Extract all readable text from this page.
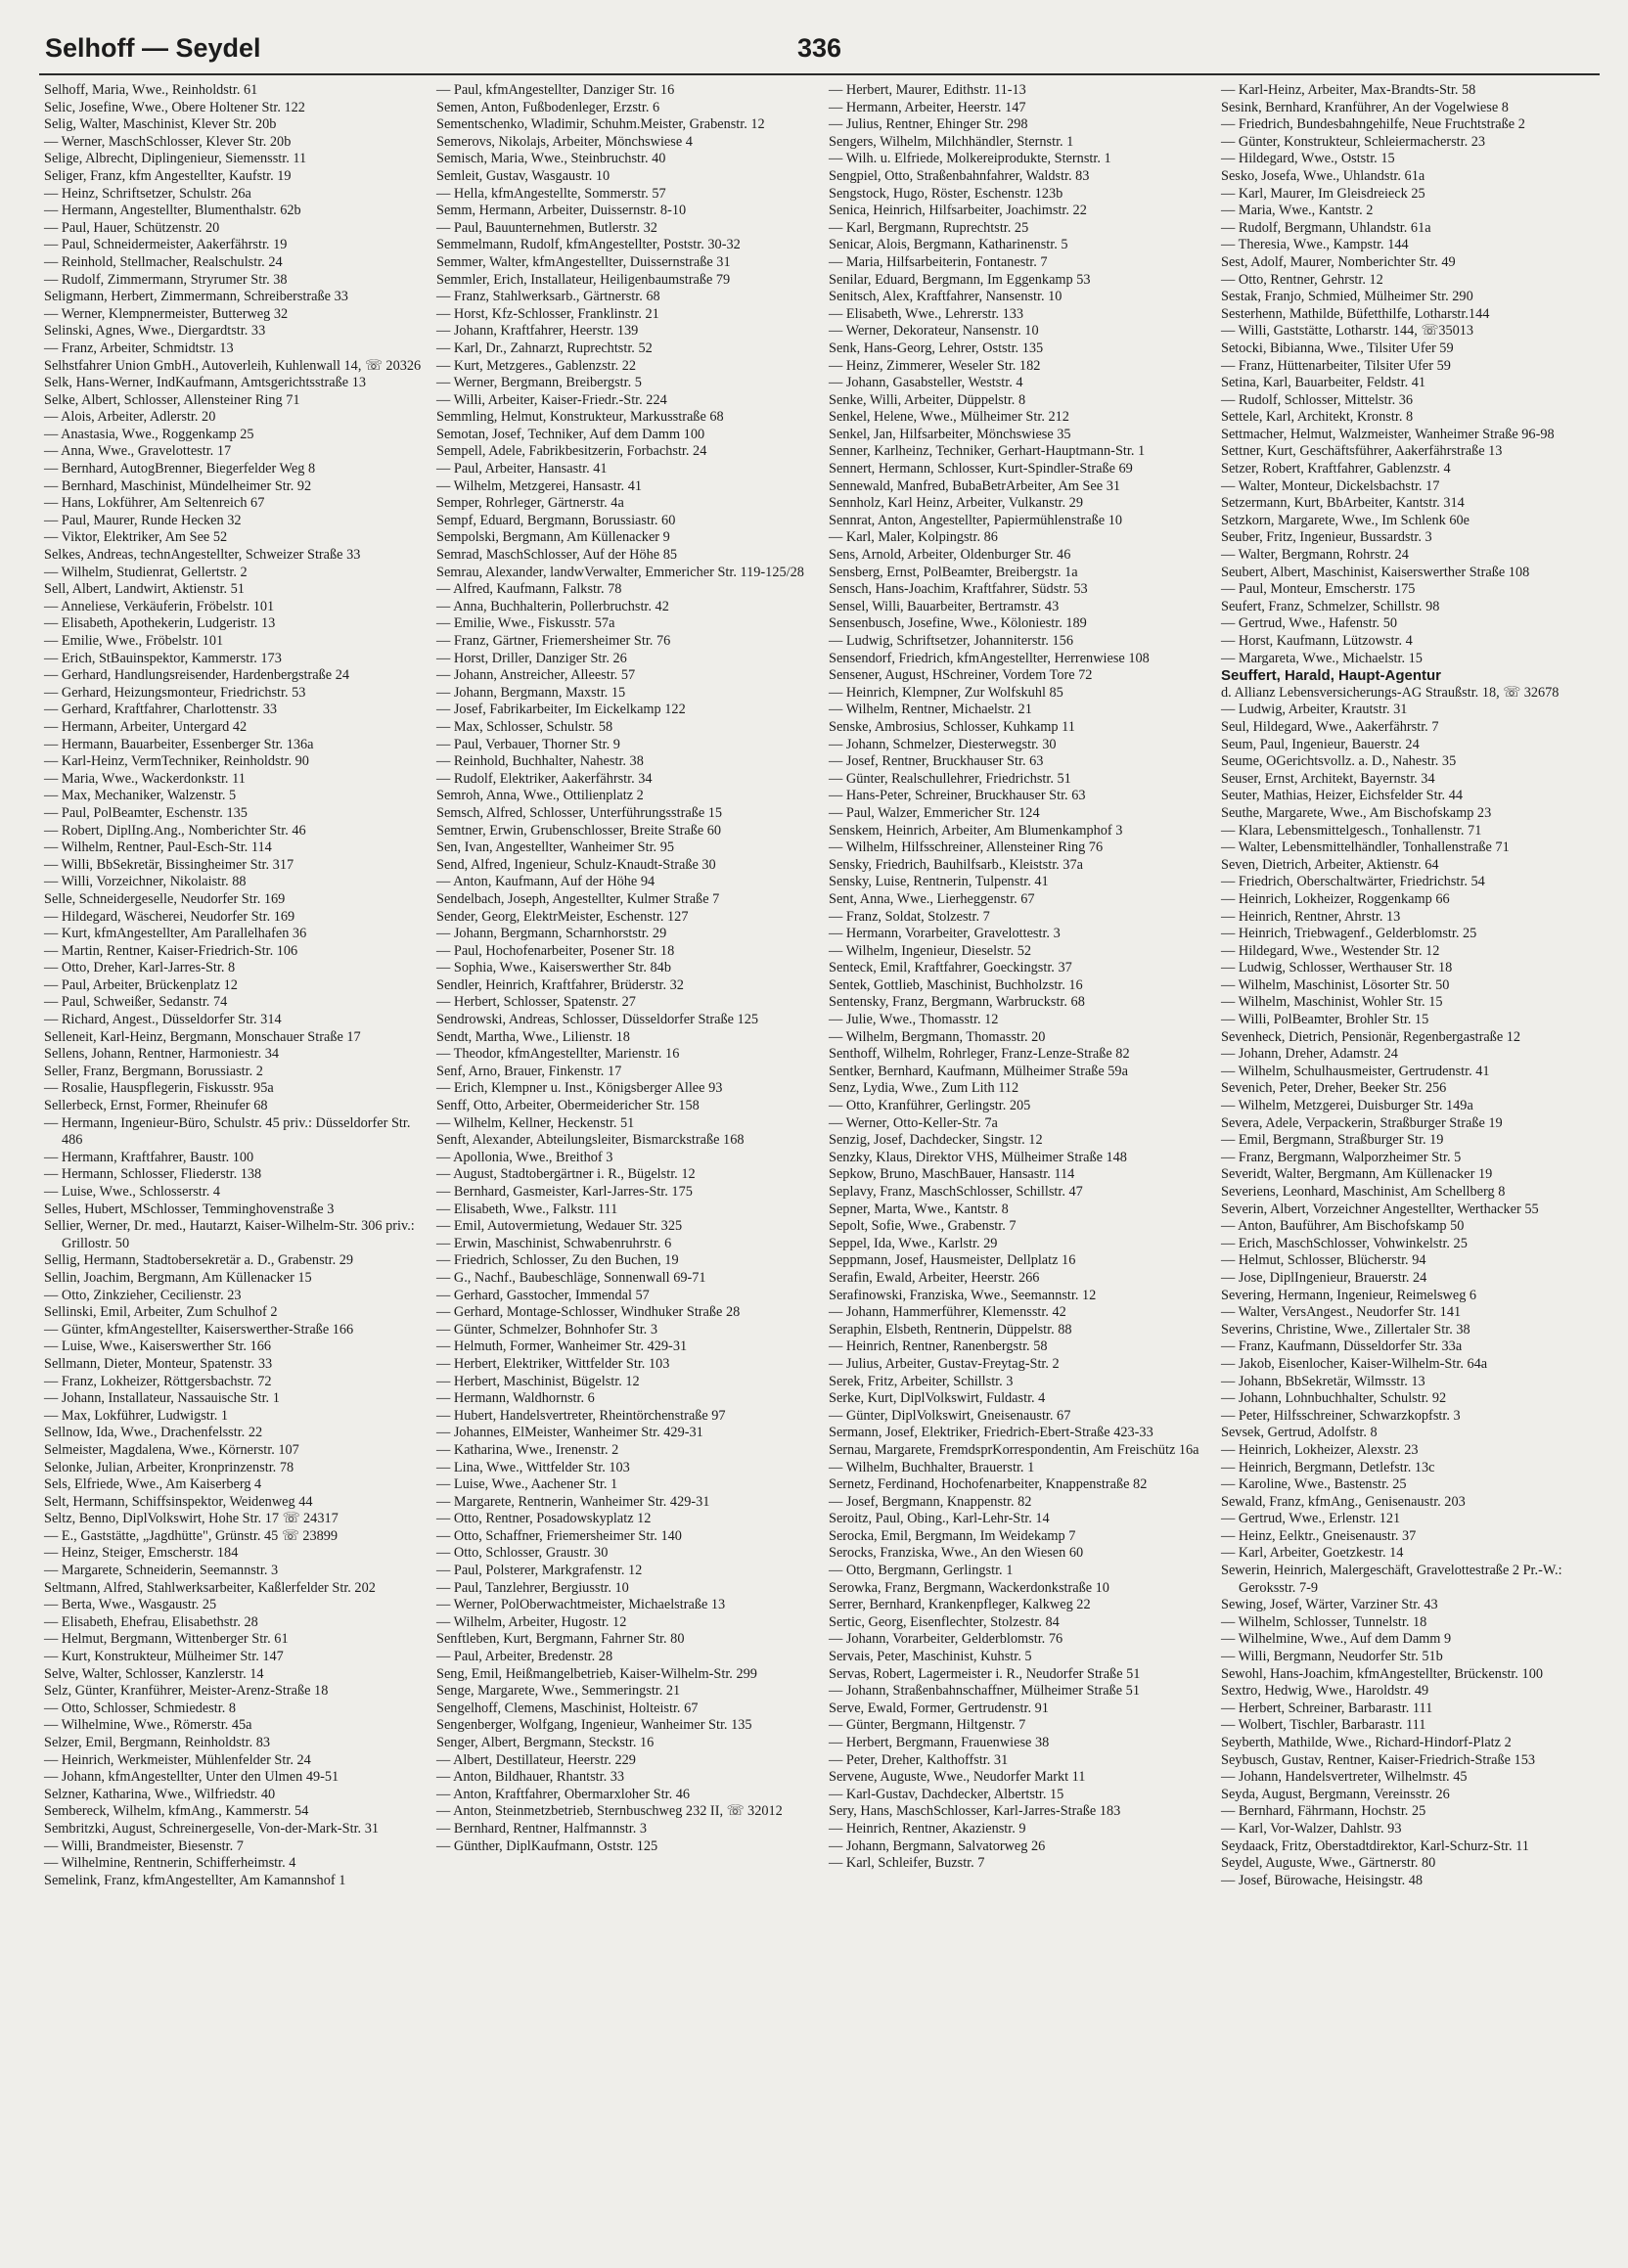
Selhoff — Seydel	336
Selhoff, Maria, Wwe., Reinholdstr. 61
Selic, Josefine, Wwe., Obere Holtener Str. 122
Selig, Walter, Maschinist, Klever Str. 20b
— Werner, MaschSchlosser, Klever Str. 20b
Selige, Albrecht, Diplingenieur, Siemensstr. 11
Seliger, Franz, kfm Angestellter, Kaufstr. 19
— Heinz, Schriftsetzer, Schulstr. 26a
— Hermann, Angestellter, Blumenthalstr. 62b
— Paul, Hauer, Schützenstr. 20
— Paul, Schneidermeister, Aakerfährstr. 19
— Reinhold, Stellmacher, Realschulstr. 24
— Rudolf, Zimmermann, Stryrumer Str. 38
Seligmann, Herbert, Zimmermann, Schreiberstraße 33
— Werner, Klempnermeister, Butterweg 32
Selinski, Agnes, Wwe., Diergardtstr. 33
— Franz, Arbeiter, Schmidtstr. 13
Selhstfahrer Union GmbH., Autoverleih, Kuhlenwall 14, ☏ 20326
Selk, Hans-Werner, IndKaufmann, Amtsgerichtsstraße 13
Selke, Albert, Schlosser, Allensteiner Ring 71
— Alois, Arbeiter, Adlerstr. 20
— Anastasia, Wwe., Roggenkamp 25
— Anna, Wwe., Gravelottestr. 17
— Bernhard, AutogBrenner, Biegerfelder Weg 8
— Bernhard, Maschinist, Mündelheimer Str. 92
— Hans, Lokführer, Am Seltenreich 67
— Paul, Maurer, Runde Hecken 32
— Viktor, Elektriker, Am See 52
Selkes, Andreas, technAngestellter, Schweizer Straße 33
— Wilhelm, Studienrat, Gellertstr. 2
Sell, Albert, Landwirt, Aktienstr. 51
— Anneliese, Verkäuferin, Fröbelstr. 101
— Elisabeth, Apothekerin, Ludgeristr. 13
— Emilie, Wwe., Fröbelstr. 101
— Erich, StBauinspektor, Kammerstr. 173
— Gerhard, Handlungsreisender, Hardenbergstraße 24
— Gerhard, Heizungsmonteur, Friedrichstr. 53
— Gerhard, Kraftfahrer, Charlottenstr. 33
— Hermann, Arbeiter, Untergard 42
— Hermann, Bauarbeiter, Essenberger Str. 136a
— Karl-Heinz, VermTechniker, Reinholdstr. 90
— Maria, Wwe., Wackerdonkstr. 11
— Max, Mechaniker, Walzenstr. 5
— Paul, PolBeamter, Eschenstr. 135
— Robert, DiplIng.Ang., Nomberichter Str. 46
— Wilhelm, Rentner, Paul-Esch-Str. 114
— Willi, BbSekretär, Bissingheimer Str. 317
— Willi, Vorzeichner, Nikolaistr. 88
Selle, Schneidergeselle, Neudorfer Str. 169
— Hildegard, Wäscherei, Neudorfer Str. 169
— Kurt, kfmAngestellter, Am Parallelhafen 36
— Martin, Rentner, Kaiser-Friedrich-Str. 106
— Otto, Dreher, Karl-Jarres-Str. 8
— Paul, Arbeiter, Brückenplatz 12
— Paul, Schweißer, Sedanstr. 74
— Richard, Angest., Düsseldorfer Str. 314
Selleneit, Karl-Heinz, Bergmann, Monschauer Straße 17
Sellens, Johann, Rentner, Harmoniestr. 34
Seller, Franz, Bergmann, Borussiastr. 2
— Rosalie, Hauspflegerin, Fiskusstr. 95a
Sellerbeck, Ernst, Former, Rheinufer 68
— Hermann, Ingenieur-Büro, Schulstr. 45 priv.: Düsseldorfer Str. 486
— Hermann, Kraftfahrer, Baustr. 100
— Hermann, Schlosser, Fliederstr. 138
— Luise, Wwe., Schlosserstr. 4
Selles, Hubert, MSchlosser, Temminghovenstraße 3
Sellier, Werner, Dr. med., Hautarzt, Kaiser-Wilhelm-Str. 306 priv.: Grillostr. 50
Sellig, Hermann, Stadtobersekretär a. D., Grabenstr. 29
Sellin, Joachim, Bergmann, Am Küllenacker 15
— Otto, Zinkzieher, Cecilienstr. 23
Sellinski, Emil, Arbeiter, Zum Schulhof 2
— Günter, kfmAngestellter, Kaiserswerther-Straße 166
— Luise, Wwe., Kaiserswerther Str. 166
Sellmann, Dieter, Monteur, Spatenstr. 33
— Franz, Lokheizer, Röttgersbachstr. 72
— Johann, Installateur, Nassauische Str. 1
— Max, Lokführer, Ludwigstr. 1
Sellnow, Ida, Wwe., Drachenfelsstr. 22
Selmeister, Magdalena, Wwe., Körnerstr. 107
Selonke, Julian, Arbeiter, Kronprinzenstr. 78
Sels, Elfriede, Wwe., Am Kaiserberg 4
Selt, Hermann, Schiffsinspektor, Weidenweg 44
Seltz, Benno, DiplVolkswirt, Hohe Str. 17 ☏ 24317
— E., Gaststätte, „Jagdhütte", Grünstr. 45 ☏ 23899
— Heinz, Steiger, Emscherstr. 184
— Margarete, Schneiderin, Seemannstr. 3
Seltmann, Alfred, Stahlwerksarbeiter, Kaßlerfelder Str. 202
— Berta, Wwe., Wasgaustr. 25
— Elisabeth, Ehefrau, Elisabethstr. 28
— Helmut, Bergmann, Wittenberger Str. 61
— Kurt, Konstrukteur, Mülheimer Str. 147
Selve, Walter, Schlosser, Kanzlerstr. 14
Selz, Günter, Kranführer, Meister-Arenz-Straße 18
— Otto, Schlosser, Schmiedestr. 8
— Wilhelmine, Wwe., Römerstr. 45a
Selzer, Emil, Bergmann, Reinholdstr. 83
— Heinrich, Werkmeister, Mühlenfelder Str. 24
— Johann, kfmAngestellter, Unter den Ulmen 49-51
Selzner, Katharina, Wwe., Wilfriedstr. 40
Sembereck, Wilhelm, kfmAng., Kammerstr. 54
Sembritzki, August, Schreinergeselle, Von-der-Mark-Str. 31
— Willi, Brandmeister, Biesenstr. 7
— Wilhelmine, Rentnerin, Schifferheimstr. 4
Semelink, Franz, kfmAngestellter, Am Kamannshof 1
— Paul, kfmAngestellter, Danziger Str. 16
Semen, Anton, Fußbodenleger, Erzstr. 6
Sementschenko, Wladimir, Schuhm.Meister, Grabenstr. 12
Semerovs, Nikolajs, Arbeiter, Mönchswiese 4
Semisch, Maria, Wwe., Steinbruchstr. 40
Semleit, Gustav, Wasgaustr. 10
— Hella, kfmAngestellte, Sommerstr. 57
Semm, Hermann, Arbeiter, Duissernstr. 8-10
— Paul, Bauunternehmen, Butlerstr. 32
Semmelmann, Rudolf, kfmAngestellter, Poststr. 30-32
Semmer, Walter, kfmAngestellter, Duissernstraße 31
Semmler, Erich, Installateur, Heiligenbaumstraße 79
— Franz, Stahlwerksarb., Gärtnerstr. 68
— Horst, Kfz-Schlosser, Franklinstr. 21
— Johann, Kraftfahrer, Heerstr. 139
— Karl, Dr., Zahnarzt, Ruprechtstr. 52
— Kurt, Metzgeres., Gablenzstr. 22
— Werner, Bergmann, Breibergstr. 5
— Willi, Arbeiter, Kaiser-Friedr.-Str. 224
Semmling, Helmut, Konstrukteur, Markusstraße 68
Semotan, Josef, Techniker, Auf dem Damm 100
Sempell, Adele, Fabrikbesitzerin, Forbachstr. 24
— Paul, Arbeiter, Hansastr. 41
— Wilhelm, Metzgerei, Hansastr. 41
Semper, Rohrleger, Gärtnerstr. 4a
Sempf, Eduard, Bergmann, Borussiastr. 60
Sempolski, Bergmann, Am Küllenacker 9
Semrad, MaschSchlosser, Auf der Höhe 85
Semrau, Alexander, landwVerwalter, Emmericher Str. 119-125/28
— Alfred, Kaufmann, Falkstr. 78
— Anna, Buchhalterin, Pollerbruchstr. 42
— Emilie, Wwe., Fiskusstr. 57a
— Franz, Gärtner, Friemersheimer Str. 76
— Horst, Driller, Danziger Str. 26
— Johann, Anstreicher, Alleestr. 57
— Johann, Bergmann, Maxstr. 15
— Josef, Fabrikarbeiter, Im Eickelkamp 122
— Max, Schlosser, Schulstr. 58
— Paul, Verbauer, Thorner Str. 9
— Reinhold, Buchhalter, Nahestr. 38
— Rudolf, Elektriker, Aakerfährstr. 34
Semroh, Anna, Wwe., Ottilienplatz 2
Semsch, Alfred, Schlosser, Unterführungsstraße 15
Semtner, Erwin, Grubenschlosser, Breite Straße 60
Sen, Ivan, Angestellter, Wanheimer Str. 95
Send, Alfred, Ingenieur, Schulz-Knaudt-Straße 30
— Anton, Kaufmann, Auf der Höhe 94
Sendelbach, Joseph, Angestellter, Kulmer Straße 7
Sender, Georg, ElektrMeister, Eschenstr. 127
— Johann, Bergmann, Scharnhorststr. 29
— Paul, Hochofenarbeiter, Posener Str. 18
— Sophia, Wwe., Kaiserswerther Str. 84b
Sendler, Heinrich, Kraftfahrer, Brüderstr. 32
— Herbert, Schlosser, Spatenstr. 27
Sendrowski, Andreas, Schlosser, Düsseldorfer Straße 125
Sendt, Martha, Wwe., Lilienstr. 18
— Theodor, kfmAngestellter, Marienstr. 16
Senf, Arno, Brauer, Finkenstr. 17
— Erich, Klempner u. Inst., Königsberger Allee 93
Senff, Otto, Arbeiter, Obermeidericher Str. 158
— Wilhelm, Kellner, Heckenstr. 51
Senft, Alexander, Abteilungsleiter, Bismarckstraße 168
— Apollonia, Wwe., Breithof 3
— August, Stadtobergärtner i. R., Bügelstr. 12
— Bernhard, Gasmeister, Karl-Jarres-Str. 175
— Elisabeth, Wwe., Falkstr. 111
— Emil, Autovermietung, Wedauer Str. 325
— Erwin, Maschinist, Schwabenruhrstr. 6
— Friedrich, Schlosser, Zu den Buchen, 19
— G., Nachf., Baubeschläge, Sonnenwall 69-71
— Gerhard, Gasstocher, Immendal 57
— Gerhard, Montage-Schlosser, Windhuker Straße 28
— Günter, Schmelzer, Bohnhofer Str. 3
— Helmuth, Former, Wanheimer Str. 429-31
— Herbert, Elektriker, Wittfelder Str. 103
— Herbert, Maschinist, Bügelstr. 12
— Hermann, Waldhornstr. 6
— Hubert, Handelsvertreter, Rheintörchenstraße 97
— Johannes, ElMeister, Wanheimer Str. 429-31
— Katharina, Wwe., Irenenstr. 2
— Lina, Wwe., Wittfelder Str. 103
— Luise, Wwe., Aachener Str. 1
— Margarete, Rentnerin, Wanheimer Str. 429-31
— Otto, Rentner, Posadowskyplatz 12
— Otto, Schaffner, Friemersheimer Str. 140
— Otto, Schlosser, Graustr. 30
— Paul, Polsterer, Markgrafenstr. 12
— Paul, Tanzlehrer, Bergiusstr. 10
— Werner, PolOberwachtmeister, Michaelstraße 13
— Wilhelm, Arbeiter, Hugostr. 12
Senftleben, Kurt, Bergmann, Fahrner Str. 80
— Paul, Arbeiter, Bredenstr. 28
Seng, Emil, Heißmangelbetrieb, Kaiser-Wilhelm-Str. 299
Senge, Margarete, Wwe., Semmeringstr. 21
Sengelhoff, Clemens, Maschinist, Holteistr. 67
Sengenberger, Wolfgang, Ingenieur, Wanheimer Str. 135
Senger, Albert, Bergmann, Steckstr. 16
— Albert, Destillateur, Heerstr. 229
— Anton, Bildhauer, Rhantstr. 33
— Anton, Kraftfahrer, Obermarxloher Str. 46
— Anton, Steinmetzbetrieb, Sternbuschweg 232 II, ☏ 32012
— Bernhard, Rentner, Halfmannstr. 3
— Günther, DiplKaufmann, Oststr. 125
— Herbert, Maurer, Edithstr. 11-13
— Hermann, Arbeiter, Heerstr. 147
— Julius, Rentner, Ehinger Str. 298
Sengers, Wilhelm, Milchhändler, Sternstr. 1
— Wilh. u. Elfriede, Molkereiprodukte, Sternstr. 1
Sengpiel, Otto, Straßenbahnfahrer, Waldstr. 83
Sengstock, Hugo, Röster, Eschenstr. 123b
Senica, Heinrich, Hilfsarbeiter, Joachimstr. 22
— Karl, Bergmann, Ruprechtstr. 25
Senicar, Alois, Bergmann, Katharinenstr. 5
— Maria, Hilfsarbeiterin, Fontanestr. 7
Senilar, Eduard, Bergmann, Im Eggenkamp 53
Senitsch, Alex, Kraftfahrer, Nansenstr. 10
— Elisabeth, Wwe., Lehrerstr. 133
— Werner, Dekorateur, Nansenstr. 10
Senk, Hans-Georg, Lehrer, Oststr. 135
— Heinz, Zimmerer, Weseler Str. 182
— Johann, Gasabsteller, Weststr. 4
Senke, Willi, Arbeiter, Düppelstr. 8
Senkel, Helene, Wwe., Mülheimer Str. 212
Senkel, Jan, Hilfsarbeiter, Mönchswiese 35
Senner, Karlheinz, Techniker, Gerhart-Hauptmann-Str. 1
Sennert, Hermann, Schlosser, Kurt-Spindler-Straße 69
Sennewald, Manfred, BubaBetrArbeiter, Am See 31
Sennholz, Karl Heinz, Arbeiter, Vulkanstr. 29
Sennrat, Anton, Angestellter, Papiermühlenstraße 10
— Karl, Maler, Kolpingstr. 86
Sens, Arnold, Arbeiter, Oldenburger Str. 46
Sensberg, Ernst, PolBeamter, Breibergstr. 1a
Sensch, Hans-Joachim, Kraftfahrer, Südstr. 53
Sensel, Willi, Bauarbeiter, Bertramstr. 43
Sensenbusch, Josefine, Wwe., Köloniestr. 189
— Ludwig, Schriftsetzer, Johanniterstr. 156
Sensendorf, Friedrich, kfmAngestellter, Herrenwiese 108
Sensener, August, HSchreiner, Vordem Tore 72
— Heinrich, Klempner, Zur Wolfskuhl 85
— Wilhelm, Rentner, Michaelstr. 21
Senske, Ambrosius, Schlosser, Kuhkamp 11
— Johann, Schmelzer, Diesterwegstr. 30
— Josef, Rentner, Bruckhauser Str. 63
— Günter, Realschullehrer, Friedrichstr. 51
— Hans-Peter, Schreiner, Bruckhauser Str. 63
— Paul, Walzer, Emmericher Str. 124
Senskem, Heinrich, Arbeiter, Am Blumenkamphof 3
— Wilhelm, Hilfsschreiner, Allensteiner Ring 76
Sensky, Friedrich, Bauhilfsarb., Kleiststr. 37a
Sensky, Luise, Rentnerin, Tulpenstr. 41
Sent, Anna, Wwe., Lierheggenstr. 67
— Franz, Soldat, Stolzestr. 7
— Hermann, Vorarbeiter, Gravelottestr. 3
— Wilhelm, Ingenieur, Dieselstr. 52
Senteck, Emil, Kraftfahrer, Goeckingstr. 37
Sentek, Gottlieb, Maschinist, Buchholzstr. 16
Sentensky, Franz, Bergmann, Warbruckstr. 68
— Julie, Wwe., Thomasstr. 12
— Wilhelm, Bergmann, Thomasstr. 20
Senthoff, Wilhelm, Rohrleger, Franz-Lenze-Straße 82
Sentker, Bernhard, Kaufmann, Mülheimer Straße 59a
Senz, Lydia, Wwe., Zum Lith 112
— Otto, Kranführer, Gerlingstr. 205
— Werner, Otto-Keller-Str. 7a
Senzig, Josef, Dachdecker, Singstr. 12
Senzky, Klaus, Direktor VHS, Mülheimer Straße 148
Sepkow, Bruno, MaschBauer, Hansastr. 114
Seplavy, Franz, MaschSchlosser, Schillstr. 47
Sepner, Marta, Wwe., Kantstr. 8
Sepolt, Sofie, Wwe., Grabenstr. 7
Seppel, Ida, Wwe., Karlstr. 29
Seppmann, Josef, Hausmeister, Dellplatz 16
Serafin, Ewald, Arbeiter, Heerstr. 266
Serafinowski, Franziska, Wwe., Seemannstr. 12
— Johann, Hammerführer, Klemensstr. 42
Seraphin, Elsbeth, Rentnerin, Düppelstr. 88
— Heinrich, Rentner, Ranenbergstr. 58
— Julius, Arbeiter, Gustav-Freytag-Str. 2
Serek, Fritz, Arbeiter, Schillstr. 3
Serke, Kurt, DiplVolkswirt, Fuldastr. 4
— Günter, DiplVolkswirt, Gneisenaustr. 67
Sermann, Josef, Elektriker, Friedrich-Ebert-Straße 423-33
Sernau, Margarete, FremdsprKorrespondentin, Am Freischütz 16a
— Wilhelm, Buchhalter, Brauerstr. 1
Sernetz, Ferdinand, Hochofenarbeiter, Knappenstraße 82
— Josef, Bergmann, Knappenstr. 82
Seroitz, Paul, Obing., Karl-Lehr-Str. 14
Serocka, Emil, Bergmann, Im Weidekamp 7
Serocks, Franziska, Wwe., An den Wiesen 60
— Otto, Bergmann, Gerlingstr. 1
Serowka, Franz, Bergmann, Wackerdonkstraße 10
Serrer, Bernhard, Krankenpfleger, Kalkweg 22
Sertic, Georg, Eisenflechter, Stolzestr. 84
— Johann, Vorarbeiter, Gelderblomstr. 76
Servais, Peter, Maschinist, Kuhstr. 5
Servas, Robert, Lagermeister i. R., Neudorfer Straße 51
— Johann, Straßenbahnschaffner, Mülheimer Straße 51
Serve, Ewald, Former, Gertrudenstr. 91
— Günter, Bergmann, Hiltgenstr. 7
— Herbert, Bergmann, Frauenwiese 38
— Peter, Dreher, Kalthoffstr. 31
Servene, Auguste, Wwe., Neudorfer Markt 11
— Karl-Gustav, Dachdecker, Albertstr. 15
Sery, Hans, MaschSchlosser, Karl-Jarres-Straße 183
— Heinrich, Rentner, Akazienstr. 9
— Johann, Bergmann, Salvatorweg 26
— Karl, Schleifer, Buzstr. 7
— Karl-Heinz, Arbeiter, Max-Brandts-Str. 58
Sesink, Bernhard, Kranführer, An der Vogelwiese 8
— Friedrich, Bundesbahngehilfe, Neue Fruchtstraße 2
— Günter, Konstrukteur, Schleiermacherstr. 23
— Hildegard, Wwe., Oststr. 15
Sesko, Josefa, Wwe., Uhlandstr. 61a
— Karl, Maurer, Im Gleisdreieck 25
— Maria, Wwe., Kantstr. 2
— Rudolf, Bergmann, Uhlandstr. 61a
— Theresia, Wwe., Kampstr. 144
Sest, Adolf, Maurer, Nomberichter Str. 49
— Otto, Rentner, Gehrstr. 12
Sestak, Franjo, Schmied, Mülheimer Str. 290
Sesterhenn, Mathilde, Büfetthilfe, Lotharstr.144
— Willi, Gaststätte, Lotharstr. 144, ☏35013
Setocki, Bibianna, Wwe., Tilsiter Ufer 59
— Franz, Hüttenarbeiter, Tilsiter Ufer 59
Setina, Karl, Bauarbeiter, Feldstr. 41
— Rudolf, Schlosser, Mittelstr. 36
Settele, Karl, Architekt, Kronstr. 8
Settmacher, Helmut, Walzmeister, Wanheimer Straße 96-98
Settner, Kurt, Geschäftsführer, Aakerfährstraße 13
Setzer, Robert, Kraftfahrer, Gablenzstr. 4
— Walter, Monteur, Dickelsbachstr. 17
Setzermann, Kurt, BbArbeiter, Kantstr. 314
Setzkorn, Margarete, Wwe., Im Schlenk 60e
Seuber, Fritz, Ingenieur, Bussardstr. 3
— Walter, Bergmann, Rohrstr. 24
Seubert, Albert, Maschinist, Kaiserswerther Straße 108
— Paul, Monteur, Emscherstr. 175
Seufert, Franz, Schmelzer, Schillstr. 98
— Gertrud, Wwe., Hafenstr. 50
— Horst, Kaufmann, Lützowstr. 4
— Margareta, Wwe., Michaelstr. 15
Seuffert, Harald, Haupt-Agentur
d. Allianz Lebensversicherungs-AG Straußstr. 18, ☏ 32678
— Ludwig, Arbeiter, Krautstr. 31
Seul, Hildegard, Wwe., Aakerfährstr. 7
Seum, Paul, Ingenieur, Bauerstr. 24
Seume, OGerichtsvollz. a. D., Nahestr. 35
Seuser, Ernst, Architekt, Bayernstr. 34
Seuter, Mathias, Heizer, Eichsfelder Str. 44
Seuthe, Margarete, Wwe., Am Bischofskamp 23
— Klara, Lebensmittelgesch., Tonhallenstr. 71
— Walter, Lebensmittelhändler, Tonhallenstraße 71
Seven, Dietrich, Arbeiter, Aktienstr. 64
— Friedrich, Oberschaltwärter, Friedrichstr. 54
— Heinrich, Lokheizer, Roggenkamp 66
— Heinrich, Rentner, Ahrstr. 13
— Heinrich, Triebwagenf., Gelderblomstr. 25
— Hildegard, Wwe., Westender Str. 12
— Ludwig, Schlosser, Werthauser Str. 18
— Wilhelm, Maschinist, Lösorter Str. 50
— Wilhelm, Maschinist, Wohler Str. 15
— Willi, PolBeamter, Brohler Str. 15
Sevenheck, Dietrich, Pensionär, Regenbergastraße 12
— Johann, Dreher, Adamstr. 24
— Wilhelm, Schulhausmeister, Gertrudenstr. 41
Sevenich, Peter, Dreher, Beeker Str. 256
— Wilhelm, Metzgerei, Duisburger Str. 149a
Severa, Adele, Verpackerin, Straßburger Straße 19
— Emil, Bergmann, Straßburger Str. 19
— Franz, Bergmann, Walporzheimer Str. 5
Severidt, Walter, Bergmann, Am Küllenacker 19
Severiens, Leonhard, Maschinist, Am Schellberg 8
Severin, Albert, Vorzeichner Angestellter, Werthacker 55
— Anton, Bauführer, Am Bischofskamp 50
— Erich, MaschSchlosser, Vohwinkelstr. 25
— Helmut, Schlosser, Blücherstr. 94
— Jose, DiplIngenieur, Brauerstr. 24
Severing, Hermann, Ingenieur, Reimelsweg 6
— Walter, VersAngest., Neudorfer Str. 141
Severins, Christine, Wwe., Zillertaler Str. 38
— Franz, Kaufmann, Düsseldorfer Str. 33a
— Jakob, Eisenlocher, Kaiser-Wilhelm-Str. 64a
— Johann, BbSekretär, Wilmsstr. 13
— Johann, Lohnbuchhalter, Schulstr. 92
— Peter, Hilfsschreiner, Schwarzkopfstr. 3
Sevsek, Gertrud, Adolfstr. 8
— Heinrich, Lokheizer, Alexstr. 23
— Heinrich, Bergmann, Detlefstr. 13c
— Karoline, Wwe., Bastenstr. 25
Sewald, Franz, kfmAng., Genisenaustr. 203
— Gertrud, Wwe., Erlenstr. 121
— Heinz, Eelktr., Gneisenaustr. 37
— Karl, Arbeiter, Goetzkestr. 14
Sewerin, Heinrich, Malergeschäft, Gravelottestraße 2 Pr.-W.: Geroksstr. 7-9
Sewing, Josef, Wärter, Varziner Str. 43
— Wilhelm, Schlosser, Tunnelstr. 18
— Wilhelmine, Wwe., Auf dem Damm 9
— Willi, Bergmann, Neudorfer Str. 51b
Sewohl, Hans-Joachim, kfmAngestellter, Brückenstr. 100
Sextro, Hedwig, Wwe., Haroldstr. 49
— Herbert, Schreiner, Barbarastr. 111
— Wolbert, Tischler, Barbarastr. 111
Seyberth, Mathilde, Wwe., Richard-Hindorf-Platz 2
Seybusch, Gustav, Rentner, Kaiser-Friedrich-Straße 153
— Johann, Handelsvertreter, Wilhelmstr. 45
Seyda, August, Bergmann, Vereinsstr. 26
— Bernhard, Fährmann, Hochstr. 25
— Karl, Vor-Walzer, Dahlstr. 93
Seydaack, Fritz, Oberstadtdirektor, Karl-Schurz-Str. 11
Seydel, Auguste, Wwe., Gärtnerstr. 80
— Josef, Bürowache, Heisingstr. 48
